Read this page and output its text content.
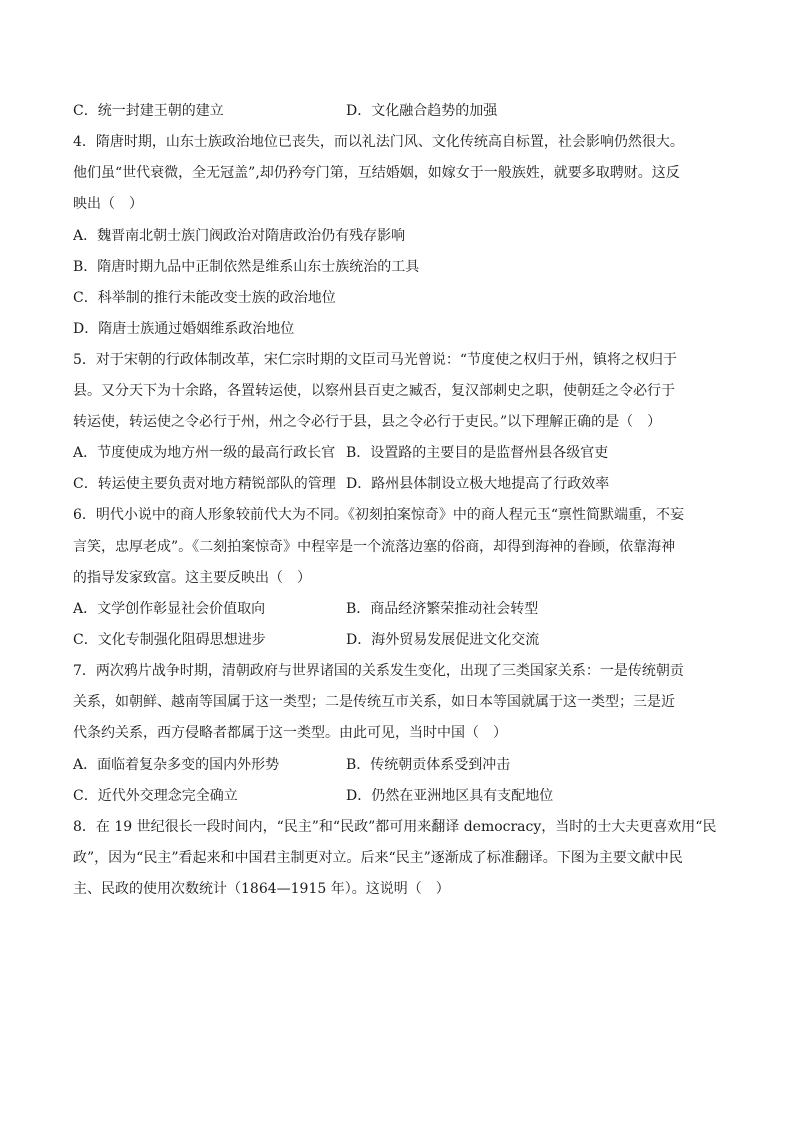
C．统一封建王朝的建立	D．文化融合趋势的加强
4．隋唐时期，山东士族政治地位已丧失，而以礼法门风、文化传统高自标置，社会影响仍然很大。
他们虽“世代衰微，全无冠盖”,却仍矜夸门第，互结婚姻，如嫁女于一般族姓，就要多取聘财。这反
映出（　）
A．魏晋南北朝士族门阀政治对隋唐政治仍有残存影响
B．隋唐时期九品中正制依然是维系山东士族统治的工具
C．科举制的推行未能改变士族的政治地位
D．隋唐士族通过婚姻维系政治地位
5．对于宋朝的行政体制改革，宋仁宗时期的文臣司马光曾说：“节度使之权归于州，镇将之权归于
县。又分天下为十余路，各置转运使，以察州县百吏之臧否，复汉部刺史之职，使朝廷之令必行于
转运使，转运使之令必行于州，州之令必行于县，县之令必行于吏民。”以下理解正确的是（　）
A．节度使成为地方州一级的最高行政长官 B．设置路的主要目的是监督州县各级官吏
C．转运使主要负责对地方精锐部队的管理 D．路州县体制设立极大地提高了行政效率
6．明代小说中的商人形象较前代大为不同。《初刻拍案惊奇》中的商人程元玉“禀性简默端重，不妄
言笑，忠厚老成”。《二刻拍案惊奇》中程宰是一个流落边塞的俗商，却得到海神的眷顾，依靠海神
的指导发家致富。这主要反映出（　）
A．文学创作彰显社会价值取向	B．商品经济繁荣推动社会转型
C．文化专制强化阻碍思想进步	D．海外贸易发展促进文化交流
7．两次鸦片战争时期，清朝政府与世界诸国的关系发生变化，出现了三类国家关系：一是传统朝贡
关系，如朝鲜、越南等国属于这一类型；二是传统互市关系，如日本等国就属于这一类型；三是近
代条约关系，西方侵略者都属于这一类型。由此可见，当时中国（　）
A．面临着复杂多变的国内外形势	B．传统朝贡体系受到冲击
C．近代外交理念完全确立	D．仍然在亚洲地区具有支配地位
8．在 19 世纪很长一段时间内，“民主”和“民政”都可用来翻译 democracy，当时的士大夫更喜欢用“民
政”，因为“民主”看起来和中国君主制更对立。后来“民主”逐渐成了标准翻译。下图为主要文献中民
主、民政的使用次数统计（1864—1915 年）。这说明（　）
